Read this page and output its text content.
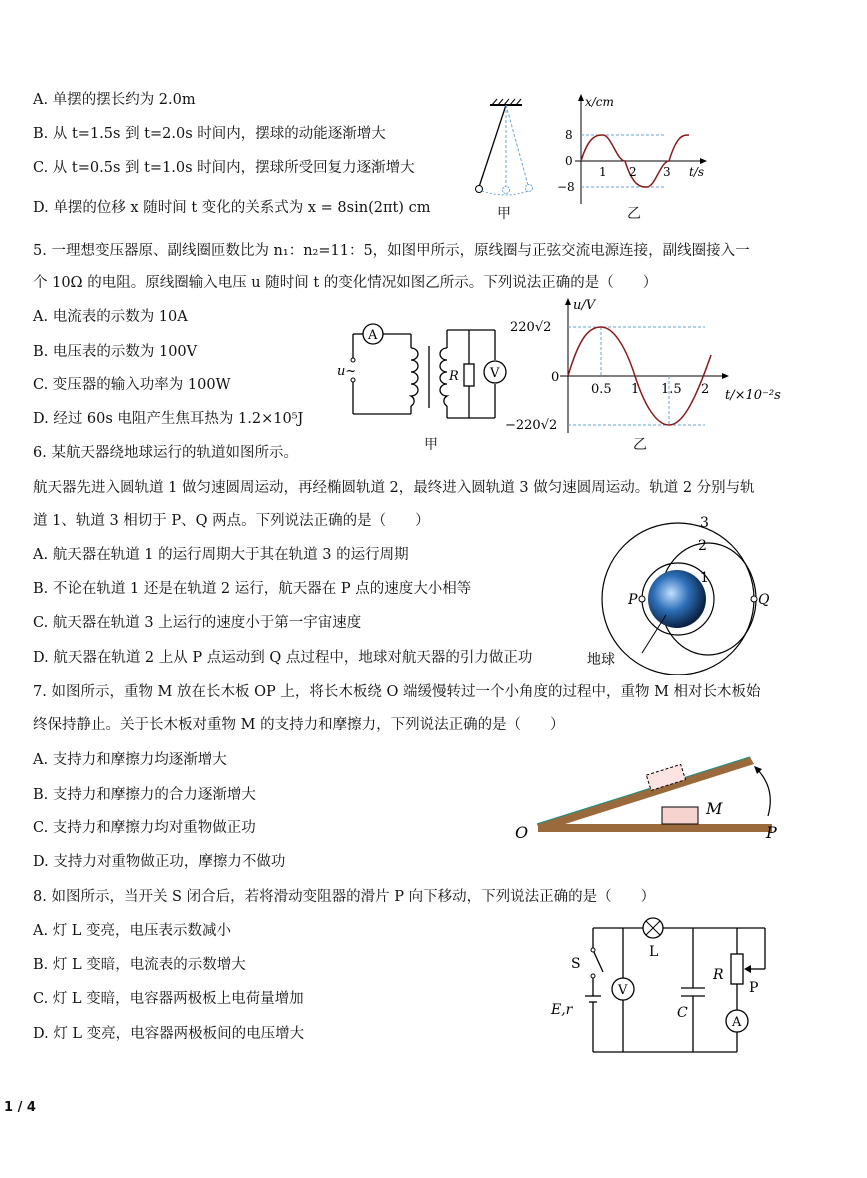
A. 单摆的摆长约为 2.0m
B. 从 t=1.5s 到 t=2.0s 时间内，摆球的动能逐渐增大
C. 从 t=0.5s 到 t=1.0s 时间内，摆球所受回复力逐渐增大
D. 单摆的位移 x 随时间 t 变化的关系式为 x = 8sin(2πt) cm	甲
x/cm
8
0
−8
1 2 3 t/s
乙
5. 一理想变压器原、副线圈匝数比为 n₁：n₂=11：5，如图甲所示，原线圈与正弦交流电源连接，副线圈接入一
个 10Ω 的电阻。原线圈输入电压 u 随时间 t 的变化情况如图乙所示。下列说法正确的是（　　）
A. 电流表的示数为 10A
B. 电压表的示数为 100V
C. 变压器的输入功率为 100W
D. 经过 60s 电阻产生焦耳热为 1.2×10⁵J
A
V
R
u~
甲
u/V
220√2
0
−220√2
0.5 1 1.5 2 t/×10⁻²s
乙
6. 某航天器绕地球运行的轨道如图所示。
航天器先进入圆轨道 1 做匀速圆周运动，再经椭圆轨道 2，最终进入圆轨道 3 做匀速圆周运动。轨道 2 分别与轨
道 1、轨道 3 相切于 P、Q 两点。下列说法正确的是（　　）
A. 航天器在轨道 1 的运行周期大于其在轨道 3 的运行周期
B. 不论在轨道 1 还是在轨道 2 运行，航天器在 P 点的速度大小相等
C. 航天器在轨道 3 上运行的速度小于第一宇宙速度
D. 航天器在轨道 2 上从 P 点运动到 Q 点过程中，地球对航天器的引力做正功
3
2
1
P	Q
地球
7. 如图所示，重物 M 放在长木板 OP 上，将长木板绕 O 端缓慢转过一个小角度的过程中，重物 M 相对长木板始
终保持静止。关于长木板对重物 M 的支持力和摩擦力，下列说法正确的是（　　）
A. 支持力和摩擦力均逐渐增大
B. 支持力和摩擦力的合力逐渐增大
C. 支持力和摩擦力均对重物做正功
D. 支持力对重物做正功，摩擦力不做功
O	P
M
8. 如图所示，当开关 S 闭合后，若将滑动变阻器的滑片 P 向下移动，下列说法正确的是（　　）
A. 灯 L 变亮，电压表示数减小
B. 灯 L 变暗，电流表的示数增大
C. 灯 L 变暗，电容器两极板上电荷量增加
D. 灯 L 变亮，电容器两极板间的电压增大
V
A
S
L
R
P
C
E,r
1 / 4
